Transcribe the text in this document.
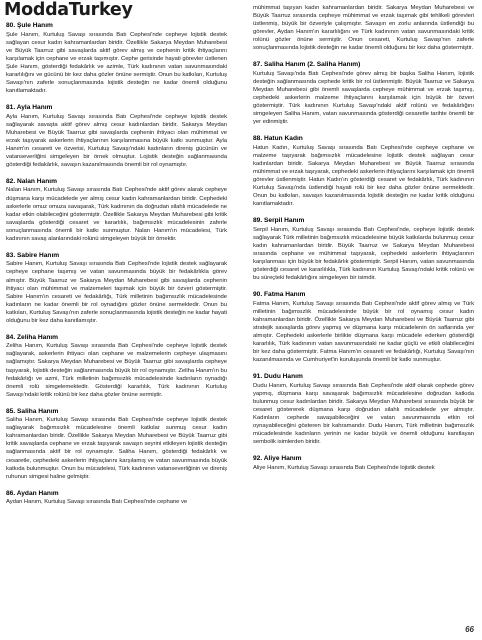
ModdaTurkey
80. Şule Hanım

Şule Hanım, Kurtuluş Savaşı sırasında Batı Cephesi'nde cepheye lojistik destek sağlayan cesur kadın kahramanlardan biridir. Özellikle Sakarya Meydan Muharebesi ve Büyük Taarruz gibi savaşlarda aktif görev almış ve cephenin kritik ihtiyaçlarını karşılamak için cephane ve erzak taşımıştır. Cephe gerisinde hayati görevler üstlenen Şule Hanım, gösterdiği fedakârlık ve azimle, Türk kadınının vatan savunmasındaki kararlılığını ve gücünü bir kez daha gözler önüne sermiştir. Onun bu katkıları, Kurtuluş Savaşı'nın zaferle sonuçlanmasında lojistik desteğin ne kadar önemli olduğunu kanıtlamaktadır.

81. Ayla Hanım

Ayla Hanım, Kurtuluş Savaşı sırasında Batı Cephesi'nde cepheye lojistik destek sağlayarak savaşta aktif görev almış cesur kadınlardan biridir. Sakarya Meydan Muharebesi ve Büyük Taarruz gibi savaşlarda cephenin ihtiyacı olan mühimmat ve erzak taşıyarak askerlerin ihtiyaçlarının karşılanmasına büyük katkı sunmuştur. Ayla Hanım'ın cesareti ve özverisi, Kurtuluş Savaşı'ndaki kadınların direniş gücünün ve vatanseverliğini simgeleyen bir örnek olmuştur. Lojistik desteğin sağlanmasında gösterdiği fedakârlık, savaşın kazanılmasında önemli bir rol oynamıştır.

82. Nalan Hanım

Nalan Hanım, Kurtuluş Savaşı sırasında Batı Cephesi'nde aktif görev alarak cepheye düşmana karşı mücadelede yer almış cesur kadın kahramanlardan biridir. Cephedeki askerlerle omuz omuza savaşarak, Türk kadınının da doğrudan silahlı mücadelede ne kadar etkin olabileceğini göstermiştir. Özellikle Sakarya Meydan Muharebesi gibi kritik savaşlarda gösterdiği cesaret ve kararlılık, bağımsızlık mücadelesinin zaferle sonuçlanmasında önemli bir katkı sunmuştur. Nalan Hanım'ın mücadelesi, Türk kadınının savaş alanlarındaki rolünü simgeleyen büyük bir örnektir.

83. Sabire Hanım

Sabire Hanım, Kurtuluş Savaşı sırasında Batı Cephesi'nde lojistik destek sağlayarak cepheye cephane taşımış ve vatan savunmasında büyük bir fedakârlıkla görev almıştır. Büyük Taarruz ve Sakarya Meydan Muharebesi gibi savaşlarda cephenin ihtiyacı olan mühimmat ve malzemeleri taşımak için büyük bir özveri göstermiştir. Sabire Hanım'ın cesareti ve fedakârlığı, Türk milletinin bağımsızlık mücadelesinde kadınların ne kadar önemli bir rol oynadığını gözler önüne sermektedir. Onun bu katkıları, Kurtuluş Savaşı'nın zaferle sonuçlanmasında lojistik desteğin ne kadar hayati olduğunu bir kez daha kanıtlamıştır.

84. Zeliha Hanım

Zeliha Hanım, Kurtuluş Savaşı sırasında Batı Cephesi'nde cepheye lojistik destek sağlayarak, askerlerin ihtiyacı olan cephane ve malzemelerin cepheye ulaşmasını sağlamıştır. Sakarya Meydan Muharebesi ve Büyük Taarruz gibi savaşlarda cepheye taşıyarak, lojistik desteğin sağlanmasında büyük bir rol oynamıştır. Zeliha Hanım'ın bu fedakârlığı ve azmi, Türk milletinin bağımsızlık mücadelesinde kadınların oynadığı önemli rolü simgelemektedir. Gösterdiği kararlılık, Türk kadınının Kurtuluş Savaşı'ndaki kritik rolünü bir kez daha gözler önüne sermiştir.

85. Saliha Hanım

Saliha Hanım, Kurtuluş Savaşı sırasında Batı Cephesi'nde cepheye lojistik destek sağlayarak bağımsızlık mücadelesine önemli katkılar sunmuş cesur kadın kahramanlardan biridir. Özellikle Sakarya Meydan Muharebesi ve Büyük Taarruz gibi kritik savaşlarda cephane ve erzak taşıyarak savaşın seyrini etkileyen lojistik desteğin sağlanmasında aktif bir rol oynamıştır. Saliha Hanım, gösterdiği fedakârlık ve cesaretle, cephedeki askerlerin ihtiyaçlarını karşılamış ve vatan savunmasında büyük katkıda bulunmuştur. Onun bu mücadelesi, Türk kadınının vatanseverliğinin ve direniş ruhunun simgesi haline gelmiştir.

86. Aydan Hanım

Aydan Hanım, Kurtuluş Savaşı sırasında Batı Cephesi'nde cephane ve

mühimmat taşıyan kadın kahramanlardan biridir. Sakarya Meydan Muharebesi ve Büyük Taarruz sırasında cepheye mühimmat ve erzak taşımak gibi tehlikeli görevleri üstlenmiş, büyük bir özveriyle çalışmıştır. Savaşın en zorlu anlarında üstlendiği bu görevler, Aydan Hanım'ın kararlılığını ve Türk kadınının vatan savunmasındaki kritik rolünü gözler önüne sermiştir. Onun cesareti, Kurtuluş Savaşı'nın zaferle sonuçlanmasında lojistik desteğin ne kadar önemli olduğunu bir kez daha göstermiştir.

87. Saliha Hanım (2. Saliha Hanım)

Kurtuluş Savaşı'nda Batı Cephesi'nde görev almış bir başka Saliha Hanım, lojistik desteğin sağlanmasında cephede kritik bir rol üstlenmiştir. Büyük Taarruz ve Sakarya Meydan Muharebesi gibi önemli savaşlarda cepheye mühimmat ve erzak taşımış, cephedeki askerlerin malzeme ihtiyaçlarını karşılamak için büyük bir özveri göstermiştir. Türk kadınının Kurtuluş Savaşı'ndaki aktif rolünü ve fedakârlığını simgeleyen Saliha Hanım, vatan savunmasında gösterdiği cesaretle tarihte önemli bir yer edinmiştir.

88. Hatun Kadın

Hatun Kadın, Kurtuluş Savaşı sırasında Batı Cephesi'nde cepheye cephane ve malzeme taşıyarak bağımsızlık mücadelesine lojistik destek sağlayan cesur kadınlardan biridir. Sakarya Meydan Muharebesi ve Büyük Taarruz sırasında mühimmat ve erzak taşıyarak, cephedeki askerlerin ihtiyaçlarını karşılamak için önemli görevler üstlenmiştir. Hatun Kadın'ın gösterdiği cesaret ve fedakârlık, Türk kadınının Kurtuluş Savaşı'nda üstlendiği hayati rolü bir kez daha gözler önüne sermektedir. Onun bu katkıları, savaşın kazanılmasında lojistik desteğin ne kadar kritik olduğunu kanıtlamaktadır.

89. Serpil Hanım

Serpil Hanım, Kurtuluş Savaşı sırasında Batı Cephesi'nde, cepheye lojistik destek sağlayarak Türk milletinin bağımsızlık mücadelesine büyük katkılarda bulunmuş cesur kadın kahramanlardan biridir. Büyük Taarruz ve Sakarya Meydan Muharebesi sırasında cephane ve mühimmat taşıyarak, cephedeki askerlerin ihtiyaçlarının karşılanması için büyük bir fedakârlık göstermiştir. Serpil Hanım, vatan savunmasında gösterdiği cesaret ve kararlılıkla, Türk kadınının Kurtuluş Savaşı'ndaki kritik rolünü ve bu süreçteki fedakârlığını simgeleyen bir isimdir.

90. Fatma Hanım

Fatma Hanım, Kurtuluş Savaşı sırasında Batı Cephesi'nde aktif görev almış ve Türk milletinin bağımsızlık mücadelesinde büyük bir rol oynamış cesur kadın kahramanlardan biridir. Özellikle Sakarya Meydan Muharebesi ve Büyük Taarruz gibi stratejik savaşlarda görev yapmış ve düşmana karşı mücadelenin ön saflarında yer almıştır. Cephedeki askerlerle birlikte düşmana karşı mücadele ederken gösterdiği kararlılık, Türk kadınının vatan savunmasındaki ne kadar güçlü ve etkili olabileceğini bir kez daha göstermiştir. Fatma Hanım'ın cesareti ve fedakârlığı, Kurtuluş Savaşı'nın kazanılmasında ve Cumhuriyet'in kuruluşunda önemli bir katkı sunmuştur.

91. Dudu Hanım

Dudu Hanım, Kurtuluş Savaşı sırasında Batı Cephesi'nde aktif olarak cephede görev yapmış, düşmana karşı savaşarak bağımsızlık mücadelesine doğrudan katkıda bulunmuş cesur kadınlardan biridir. Sakarya Meydan Muharebesi sırasında büyük bir cesaret göstererek düşmana karşı doğrudan silahlı mücadelede yer almıştır. Kadınların cephede savaşabileceğini ve vatan savunmasında etkin rol oynayabileceğini gösteren bir kahramandır. Dudu Hanım, Türk milletinin bağımsızlık mücadelesinde kadınların yerinin ne kadar büyük ve önemli olduğunu kanıtlayan sembolik isimlerden biridir.

92. Aliye Hanım

Aliye Hanım, Kurtuluş Savaşı sırasında Batı Cephesi'nde lojistik destek

66
